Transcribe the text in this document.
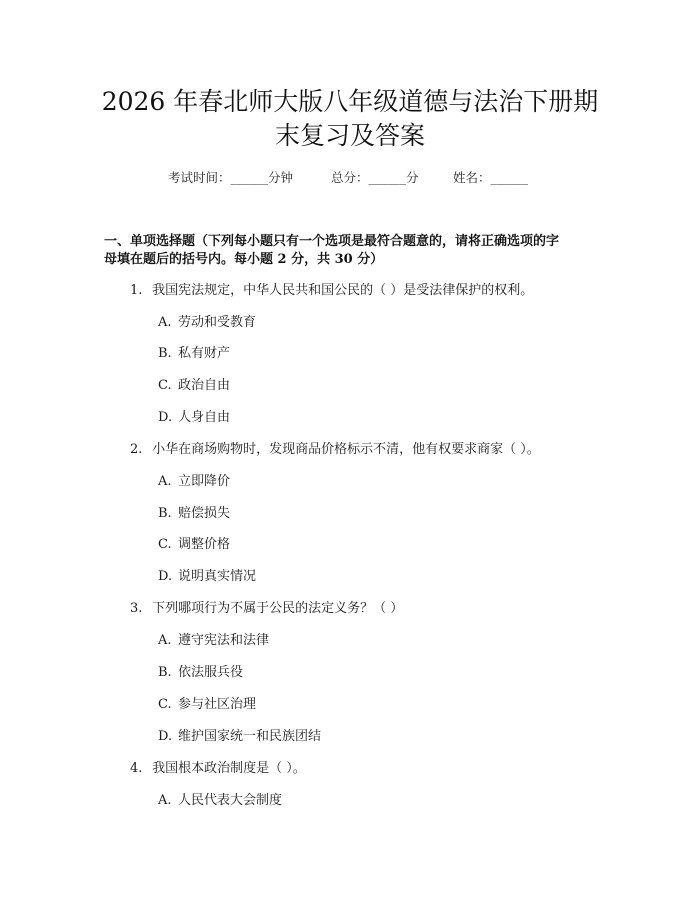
2026 年春北师大版八年级道德与法治下册期
末复习及答案
考试时间：______分钟	总分：______分	姓名：______
一、单项选择题（下列每小题只有一个选项是最符合题意的，请将正确选项的字
母填在题后的括号内。每小题 2 分，共 30 分）
1. 我国宪法规定，中华人民共和国公民的（ ）是受法律保护的权利。
A. 劳动和受教育
B. 私有财产
C. 政治自由
D. 人身自由
2. 小华在商场购物时，发现商品价格标示不清，他有权要求商家（ ）。
A. 立即降价
B. 赔偿损失
C. 调整价格
D. 说明真实情况
3. 下列哪项行为不属于公民的法定义务？（ ）
A. 遵守宪法和法律
B. 依法服兵役
C. 参与社区治理
D. 维护国家统一和民族团结
4. 我国根本政治制度是（ ）。
A. 人民代表大会制度
